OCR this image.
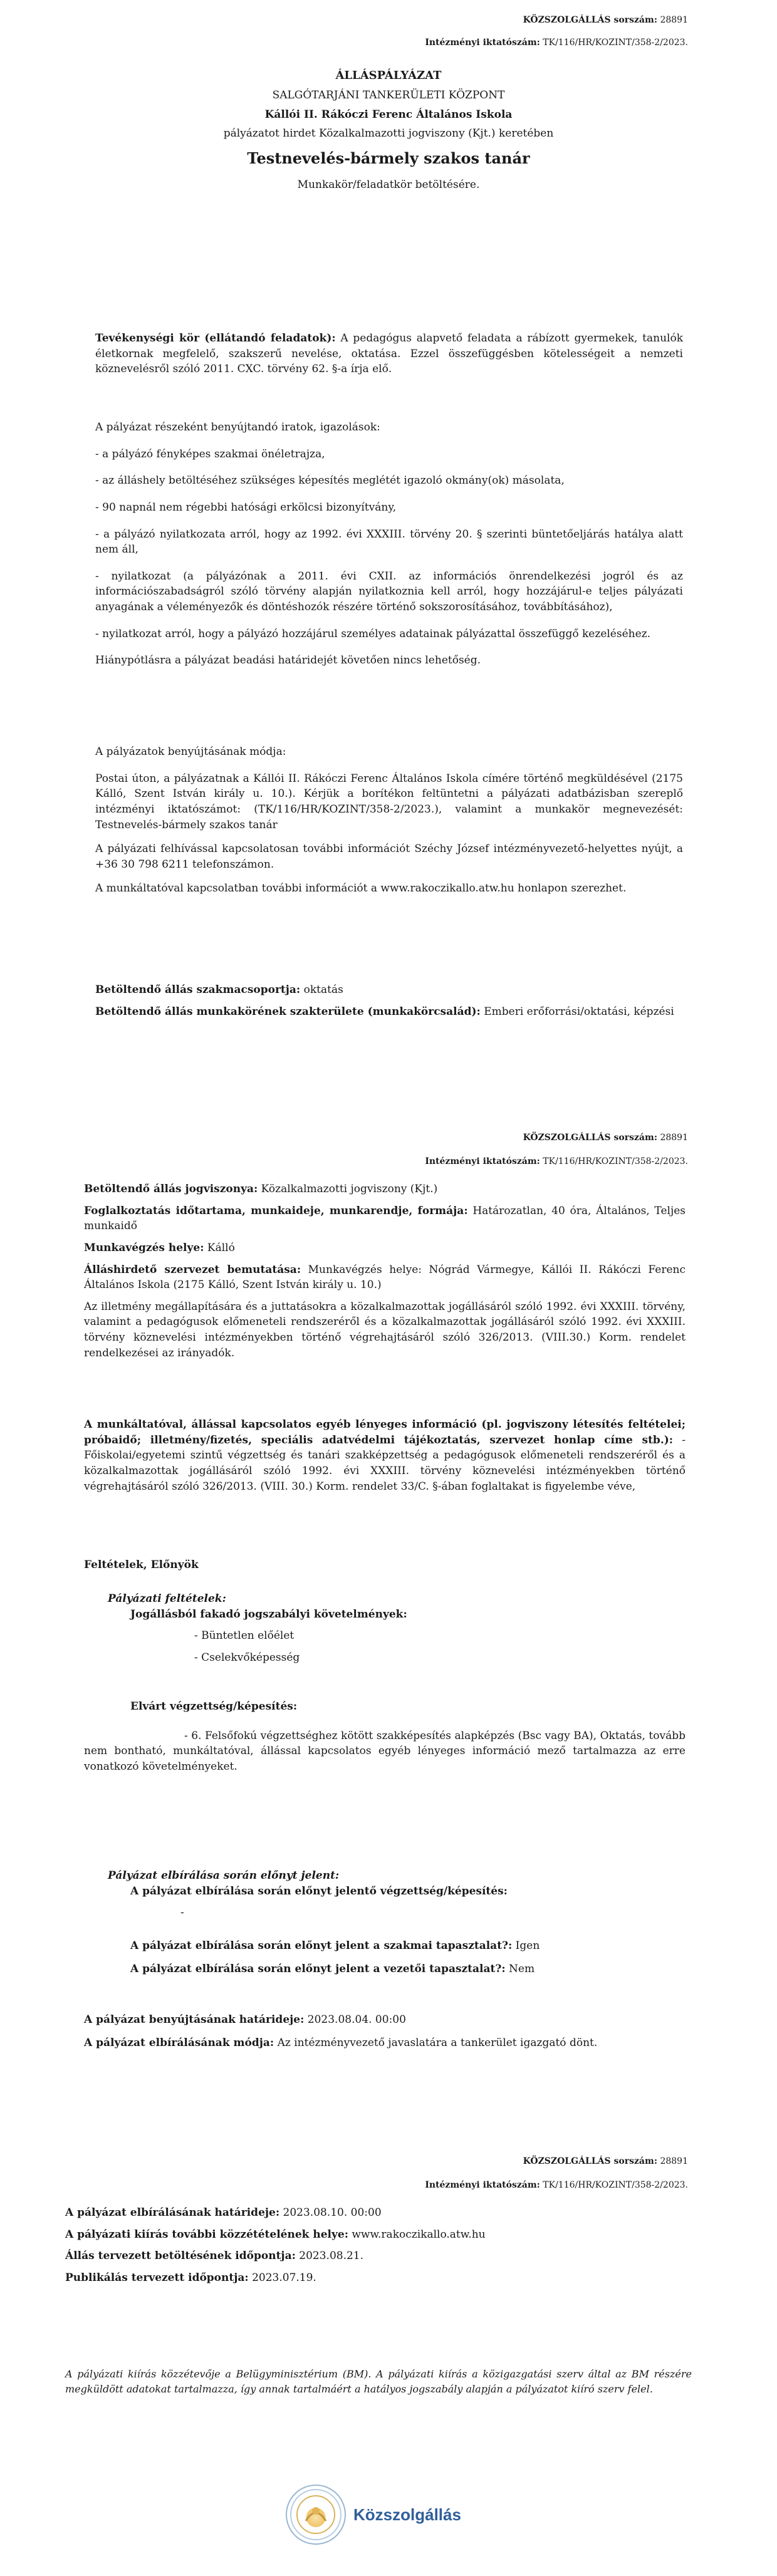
KÖZSZOLGÁLLÁS sorszám: 28891
Intézményi iktatószám: TK/116/HR/KOZINT/358-2/2023.
ÁLLÁSPÁLYÁZAT
SALGÓTARJÁNI TANKERÜLETI KÖZPONT
Kállói II. Rákóczi Ferenc Általános Iskola
pályázatot hirdet Közalkalmazotti jogviszony (Kjt.) keretében
Testnevelés-bármely szakos tanár
Munkakör/feladatkör betöltésére.
Tevékenységi kör (ellátandó feladatok): A pedagógus alapvető feladata a rábízott gyermekek, tanulók életkornak megfelelő, szakszerű nevelése, oktatása. Ezzel összefüggésben kötelességeit a nemzeti köznevelésről szóló 2011. CXC. törvény 62. §-a írja elő.

A pályázat részeként benyújtandó iratok, igazolások:

- a pályázó fényképes szakmai önéletrajza,

- az álláshely betöltéséhez szükséges képesítés meglétét igazoló okmány(ok) másolata,

- 90 napnál nem régebbi hatósági erkölcsi bizonyítvány,

- a pályázó nyilatkozata arról, hogy az 1992. évi XXXIII. törvény 20. § szerinti büntetőeljárás hatálya alatt nem áll,

- nyilatkozat (a pályázónak a 2011. évi CXII. az információs önrendelkezési jogról és az információszabadságról szóló törvény alapján nyilatkoznia kell arról, hogy hozzájárul-e teljes pályázati anyagának a véleményezők és döntéshozók részére történő sokszorosításához, továbbításához),

- nyilatkozat arról, hogy a pályázó hozzájárul személyes adatainak pályázattal összefüggő kezeléséhez.

Hiánypótlásra a pályázat beadási határidejét követően nincs lehetőség.

A pályázatok benyújtásának módja:

Postai úton, a pályázatnak a Kállói II. Rákóczi Ferenc Általános Iskola címére történő megküldésével (2175 Kálló, Szent István király u. 10.). Kérjük a borítékon feltüntetni a pályázati adatbázisban szereplő intézményi iktatószámot: (TK/116/HR/KOZINT/358-2/2023.), valamint a munkakör megnevezését: Testnevelés-bármely szakos tanár

A pályázati felhívással kapcsolatosan további információt Széchy József intézményvezető-helyettes nyújt, a +36 30 798 6211 telefonszámon.

A munkáltatóval kapcsolatban további információt a www.rakoczikallo.atw.hu honlapon szerezhet.

Betöltendő állás szakmacsoportja: oktatás

Betöltendő állás munkakörének szakterülete (munkakörcsalád): Emberi erőforrási/oktatási, képzési

KÖZSZOLGÁLLÁS sorszám: 28891
Intézményi iktatószám: TK/116/HR/KOZINT/358-2/2023.

Betöltendő állás jogviszonya: Közalkalmazotti jogviszony (Kjt.)

Foglalkoztatás időtartama, munkaideje, munkarendje, formája: Határozatlan, 40 óra, Általános, Teljes munkaidő

Munkavégzés helye: Kálló

Álláshirdető szervezet bemutatása: Munkavégzés helye: Nógrád Vármegye, Kállói II. Rákóczi Ferenc Általános Iskola (2175 Kálló, Szent István király u. 10.)

Az illetmény megállapítására és a juttatásokra a közalkalmazottak jogállásáról szóló 1992. évi XXXIII. törvény, valamint a pedagógusok előmeneteli rendszeréről és a közalkalmazottak jogállásáról szóló 1992. évi XXXIII. törvény köznevelési intézményekben történő végrehajtásáról szóló 326/2013. (VIII.30.) Korm. rendelet rendelkezései az irányadók.

A munkáltatóval, állással kapcsolatos egyéb lényeges információ (pl. jogviszony létesítés feltételei; próbaidő; illetmény/fizetés, speciális adatvédelmi tájékoztatás, szervezet honlap címe stb.): - Főiskolai/egyetemi szintű végzettség és tanári szakképzettség a pedagógusok előmeneteli rendszeréről és a közalkalmazottak jogállásáról szóló 1992. évi XXXIII. törvény köznevelési intézményekben történő végrehajtásáról szóló 326/2013. (VIII. 30.) Korm. rendelet 33/C. §-ában foglaltakat is figyelembe véve,
Feltételek, Előnyök

Pályázati feltételek:

Jogállásból fakadó jogszabályi követelmények:

- Büntetlen előélet

- Cselekvőképesség

Elvárt végzettség/képesítés:

- 6. Felsőfokú végzettséghez kötött szakképesítés alapképzés (Bsc vagy BA), Oktatás, tovább nem bontható, munkáltatóval, állással kapcsolatos egyéb lényeges információ mező tartalmazza az erre vonatkozó követelményeket.

Pályázat elbírálása során előnyt jelent:

A pályázat elbírálása során előnyt jelentő végzettség/képesítés:

-

A pályázat elbírálása során előnyt jelent a szakmai tapasztalat?: Igen

A pályázat elbírálása során előnyt jelent a vezetői tapasztalat?: Nem

A pályázat benyújtásának határideje: 2023.08.04. 00:00

A pályázat elbírálásának módja: Az intézményvezető javaslatára a tankerület igazgató dönt.

KÖZSZOLGÁLLÁS sorszám: 28891
Intézményi iktatószám: TK/116/HR/KOZINT/358-2/2023.

A pályázat elbírálásának határideje: 2023.08.10. 00:00

A pályázati kiírás további közzétételének helye: www.rakoczikallo.atw.hu

Állás tervezett betöltésének időpontja: 2023.08.21.

Publikálás tervezett időpontja: 2023.07.19.

A pályázati kiírás közzétevője a Belügyminisztérium (BM). A pályázati kiírás a közigazgatási szerv által az BM részére megküldött adatokat tartalmazza, így annak tartalmáért a hatályos jogszabály alapján a pályázatot kiíró szerv felel.
Közszolgállás
